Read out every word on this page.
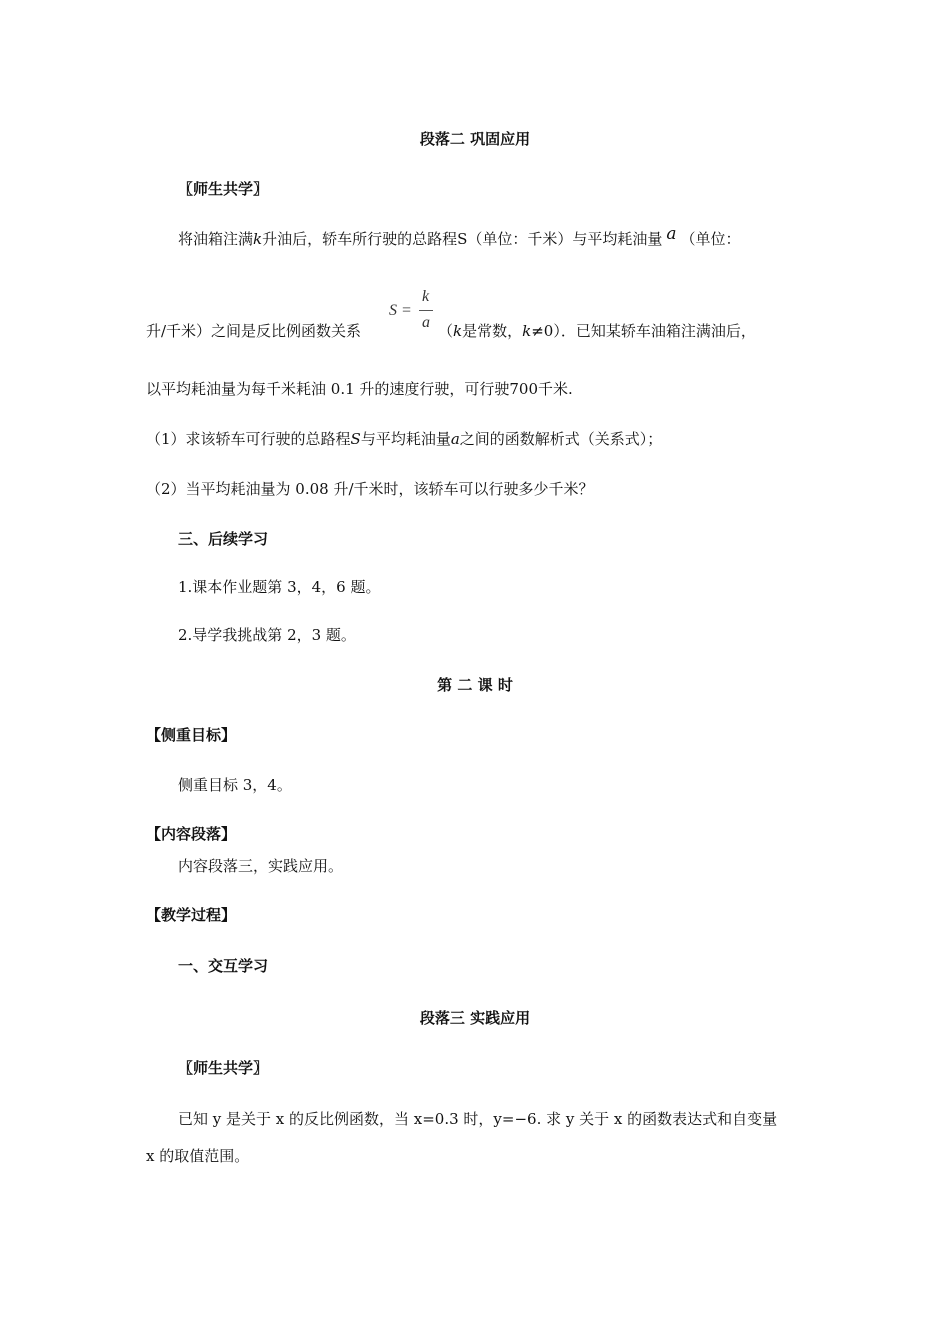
段落二 巩固应用
〖师生共学〗
将油箱注满k升油后，轿车所行驶的总路程S（单位：千米）与平均耗油量 a （单位：
S =
k
a
升/千米）之间是反比例函数关系	（k是常数，k≠0）．已知某轿车油箱注满油后，
以平均耗油量为每千米耗油 0.1 升的速度行驶，可行驶700千米.
（1）求该轿车可行驶的总路程S与平均耗油量a之间的函数解析式（关系式）；
（2）当平均耗油量为 0.08 升/千米时，该轿车可以行驶多少千米？
三、后续学习
1.课本作业题第 3，4，6 题。
2.导学我挑战第 2，3 题。
第 二 课 时
【侧重目标】
侧重目标 3，4。
【内容段落】
内容段落三，实践应用。
【教学过程】
一、交互学习
段落三 实践应用
〖师生共学〗
已知 y 是关于 x 的反比例函数，当 x=0.3 时，y=−6. 求 y 关于 x 的函数表达式和自变量
x 的取值范围。
